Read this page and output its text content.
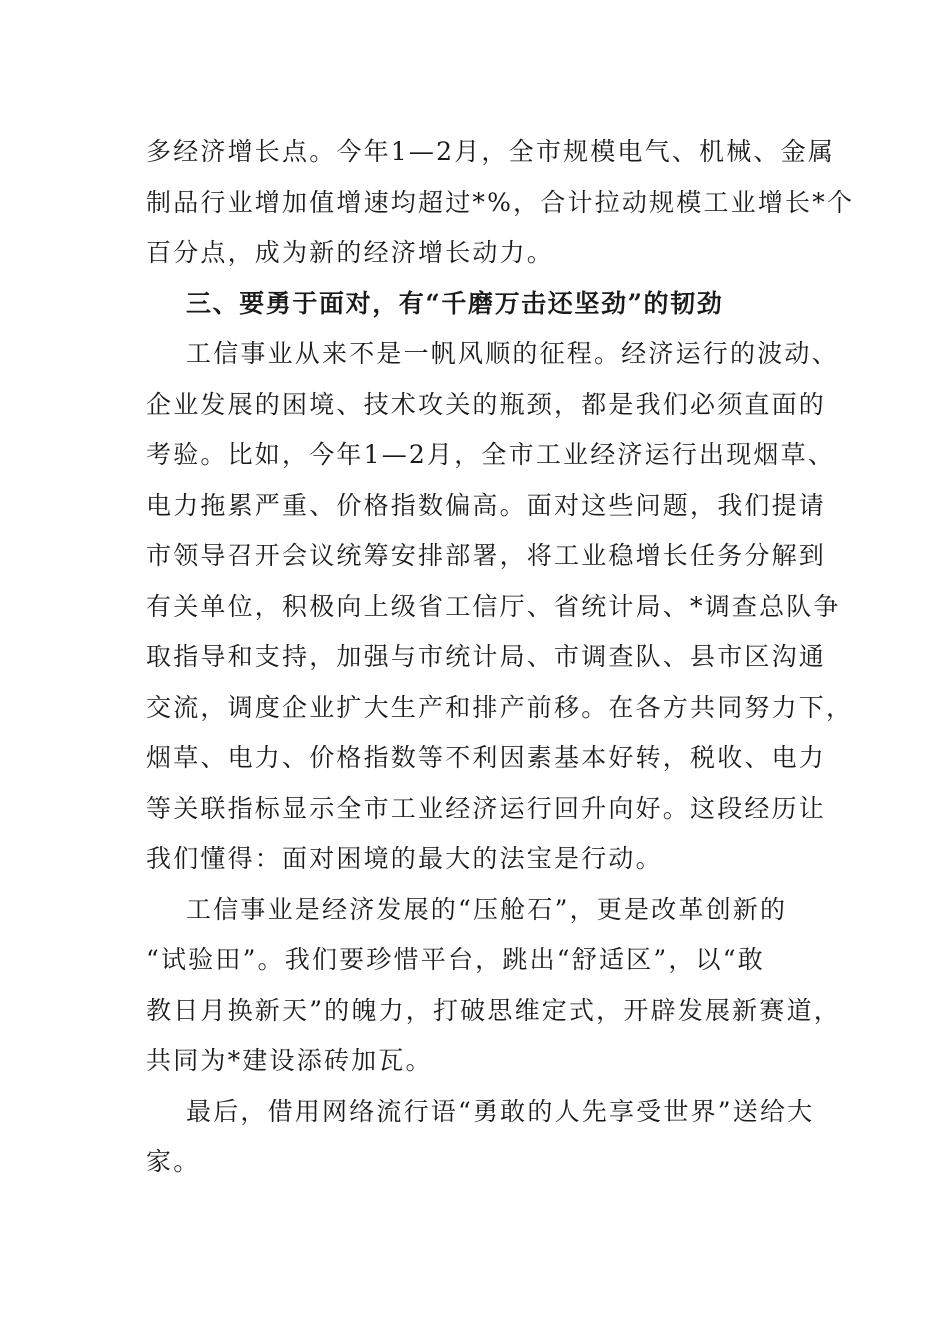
多经济增长点。今年1—2月，全市规模电气、机械、金属
制品行业增加值增速均超过*%，合计拉动规模工业增长*个
百分点，成为新的经济增长动力。
三、要勇于面对，有“千磨万击还坚劲”的韧劲
工信事业从来不是一帆风顺的征程。经济运行的波动、
企业发展的困境、技术攻关的瓶颈，都是我们必须直面的
考验。比如，今年1—2月，全市工业经济运行出现烟草、
电力拖累严重、价格指数偏高。面对这些问题，我们提请
市领导召开会议统筹安排部署，将工业稳增长任务分解到
有关单位，积极向上级省工信厅、省统计局、*调查总队争
取指导和支持，加强与市统计局、市调查队、县市区沟通
交流，调度企业扩大生产和排产前移。在各方共同努力下，
烟草、电力、价格指数等不利因素基本好转，税收、电力
等关联指标显示全市工业经济运行回升向好。这段经历让
我们懂得：面对困境的最大的法宝是行动。
工信事业是经济发展的“压舱石”，更是改革创新的
“试验田”。我们要珍惜平台，跳出“舒适区”，以“敢
教日月换新天”的魄力，打破思维定式，开辟发展新赛道，
共同为*建设添砖加瓦。
最后，借用网络流行语“勇敢的人先享受世界”送给大
家。
